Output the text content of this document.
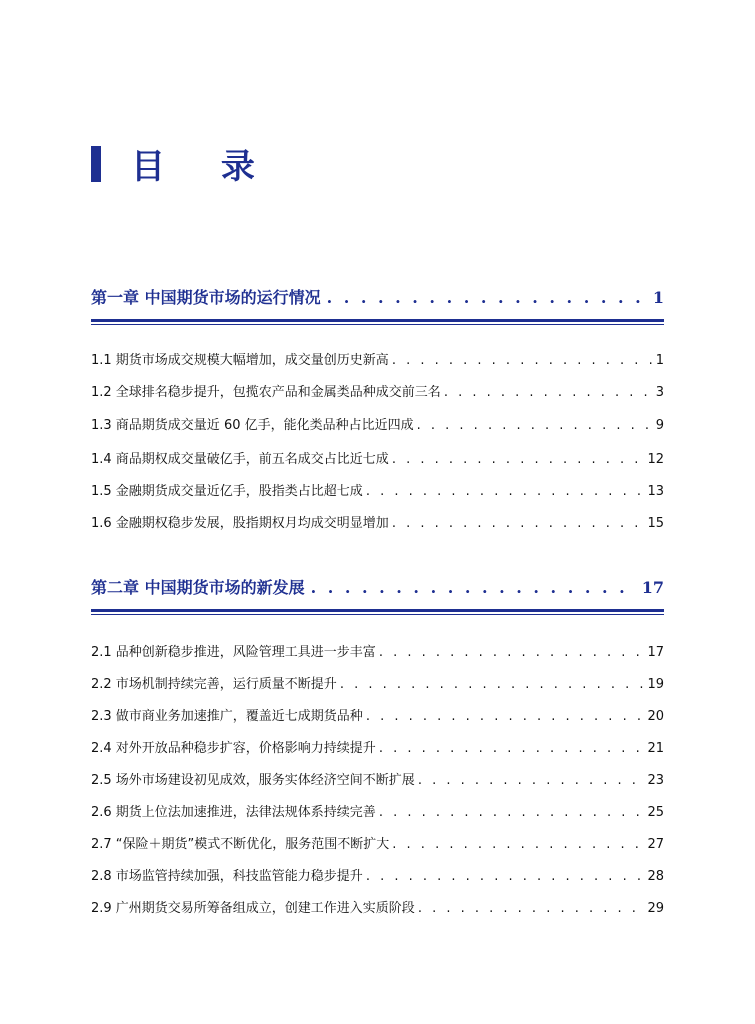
目 录
第一章 中国期货市场的运行情况 . . .	1
1.1 期货市场成交规模大幅增加，成交量创历史新高 . . .	1
1.2 全球排名稳步提升，包揽农产品和金属类品种成交前三名 . . .	3
1.3 商品期货成交量近 60 亿手，能化类品种占比近四成 . . .	9
1.4 商品期权成交量破亿手，前五名成交占比近七成 . . .	12
1.5 金融期货成交量近亿手，股指类占比超七成 . . .	13
1.6 金融期权稳步发展，股指期权月均成交明显增加 . . .	15
第二章 中国期货市场的新发展 . . .	17
2.1 品种创新稳步推进，风险管理工具进一步丰富 . . .	17
2.2 市场机制持续完善，运行质量不断提升 . . .	19
2.3 做市商业务加速推广，覆盖近七成期货品种 . . .	20
2.4 对外开放品种稳步扩容，价格影响力持续提升 . . .	21
2.5 场外市场建设初见成效，服务实体经济空间不断扩展 . . .	23
2.6 期货上位法加速推进，法律法规体系持续完善 . . .	25
2.7 “保险＋期货”模式不断优化，服务范围不断扩大 . . .	27
2.8 市场监管持续加强，科技监管能力稳步提升 . . .	28
2.9 广州期货交易所筹备组成立，创建工作进入实质阶段 . . .	29
